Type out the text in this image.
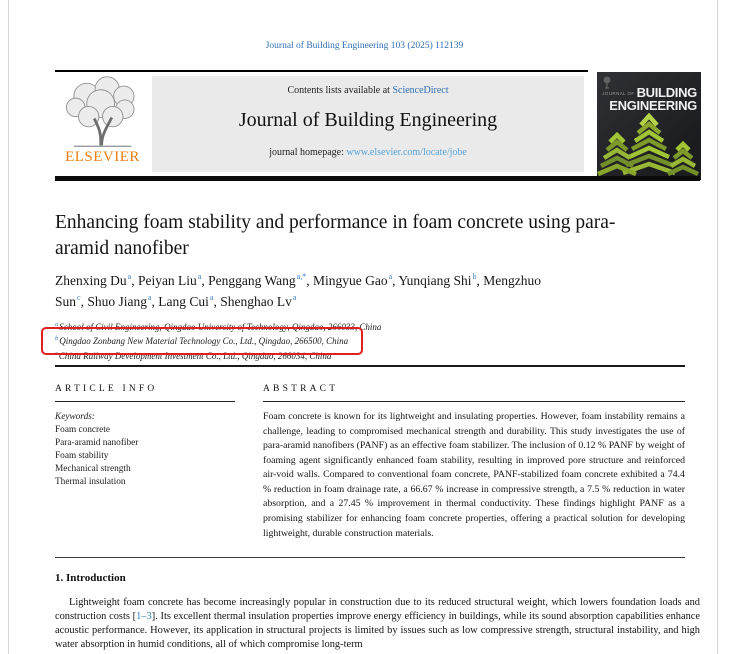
Journal of Building Engineering 103 (2025) 112139
ELSEVIER
Contents lists available at ScienceDirect
Journal of Building Engineering
journal homepage: www.elsevier.com/locate/jobe
JOURNAL OF BUILDING
ENGINEERING
Enhancing foam stability and performance in foam concrete using para-aramid nanofiber
Zhenxing Du$^a$, Peiyan Liu$^a$, Penggang Wang$^{a,*}$, Mingyue Gao$^a$, Yunqiang Shi$^b$, Mengzhuo Sun$^c$, Shuo Jiang$^a$, Lang Cui$^a$, Shenghao Lv$^a$
$^a$School of Civil Engineering, Qingdao University of Technology, Qingdao, 266033, China
$^b$Qingdao Zonbang New Material Technology Co., Ltd., Qingdao, 266500, China
$^c$China Railway Development Investment Co., Ltd., Qingdao, 266034, China
ARTICLE INFO
Keywords:
Foam concrete
Para-aramid nanofiber
Foam stability
Mechanical strength
Thermal insulation
ABSTRACT
Foam concrete is known for its lightweight and insulating properties. However, foam instability remains a challenge, leading to compromised mechanical strength and durability. This study investigates the use of para-aramid nanofibers (PANF) as an effective foam stabilizer. The inclusion of 0.12 % PANF by weight of foaming agent significantly enhanced foam stability, resulting in improved pore structure and reinforced air-void walls. Compared to conventional foam concrete, PANF-stabilized foam concrete exhibited a 74.4 % reduction in foam drainage rate, a 66.67 % increase in compressive strength, a 7.5 % reduction in water absorption, and a 27.45 % improvement in thermal conductivity. These findings highlight PANF as a promising stabilizer for enhancing foam concrete properties, offering a practical solution for developing lightweight, durable construction materials.
1. Introduction
Lightweight foam concrete has become increasingly popular in construction due to its reduced structural weight, which lowers foundation loads and construction costs [1–3]. Its excellent thermal insulation properties improve energy efficiency in buildings, while its sound absorption capabilities enhance acoustic performance. However, its application in structural projects is limited by issues such as low compressive strength, structural instability, and high water absorption in humid conditions, all of which compromise long-term
